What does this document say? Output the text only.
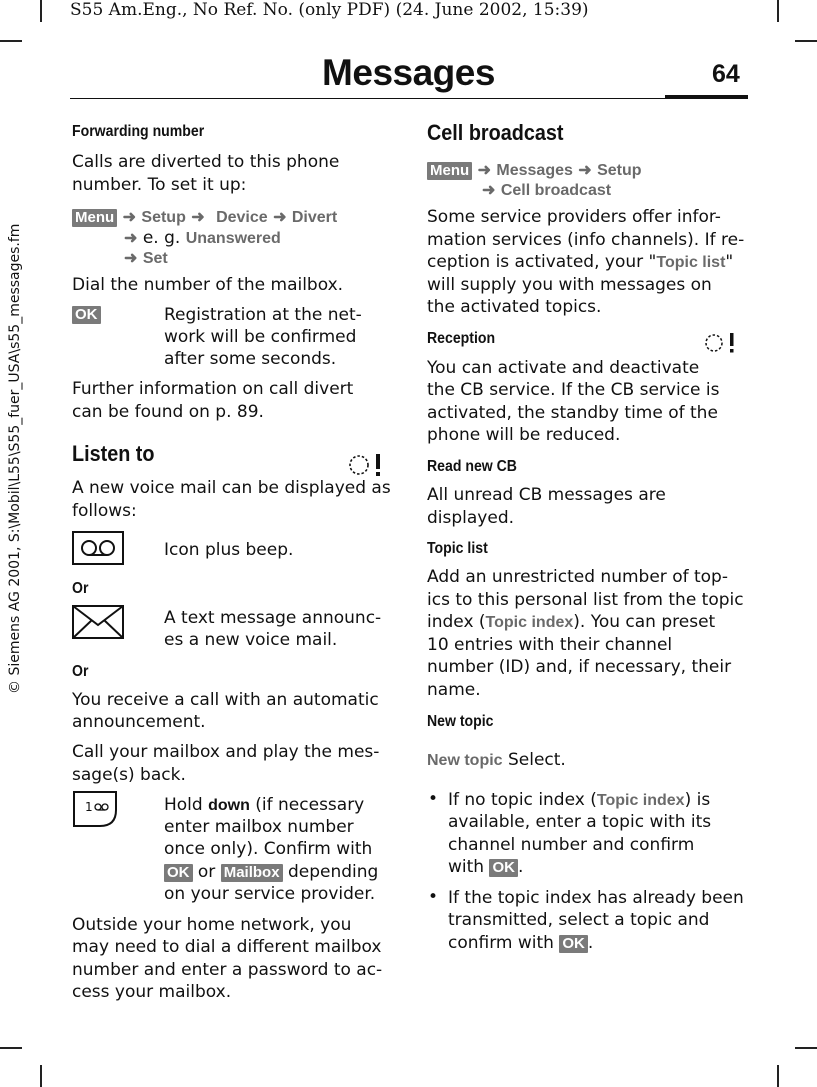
S55 Am.Eng., No Ref. No. (only PDF) (24. June 2002, 15:39)
© Siemens AG 2001, S:\Mobil\L55\S55_fuer_USA\s55_messages.fm
Messages	64
Forwarding number
Calls are diverted to this phone
number. To set it up:
Menu ➜ Setup ➜ Device ➜ Divert
➜ e. g. Unanswered
➜ Set
Dial the number of the mailbox.
OK	Registration at the net-
work will be confirmed
after some seconds.
Further information on call divert
can be found on p. 89.
Listen to
A new voice mail can be displayed as
follows:
Icon plus beep.
Or
A text message announc-
es a new voice mail.
Or
You receive a call with an automatic
announcement.
Call your mailbox and play the mes-
sage(s) back.
1	Hold down (if necessary
enter mailbox number
once only). Confirm with
OK or Mailbox depending
on your service provider.
Outside your home network, you
may need to dial a different mailbox
number and enter a password to ac-
cess your mailbox.
Cell broadcast
Menu ➜ Messages ➜ Setup
➜ Cell broadcast
Some service providers offer infor-
mation services (info channels). If re-
ception is activated, your "Topic list"
will supply you with messages on
the activated topics.
Reception
You can activate and deactivate
the CB service. If the CB service is
activated, the standby time of the
phone will be reduced.
Read new CB
All unread CB messages are
displayed.
Topic list
Add an unrestricted number of top-
ics to this personal list from the topic
index (Topic index). You can preset
10 entries with their channel
number (ID) and, if necessary, their
name.
New topic
New topic Select.
• If no topic index (Topic index) is
available, enter a topic with its
channel number and confirm
with OK .
• If the topic index has already been
transmitted, select a topic and
confirm with OK .
